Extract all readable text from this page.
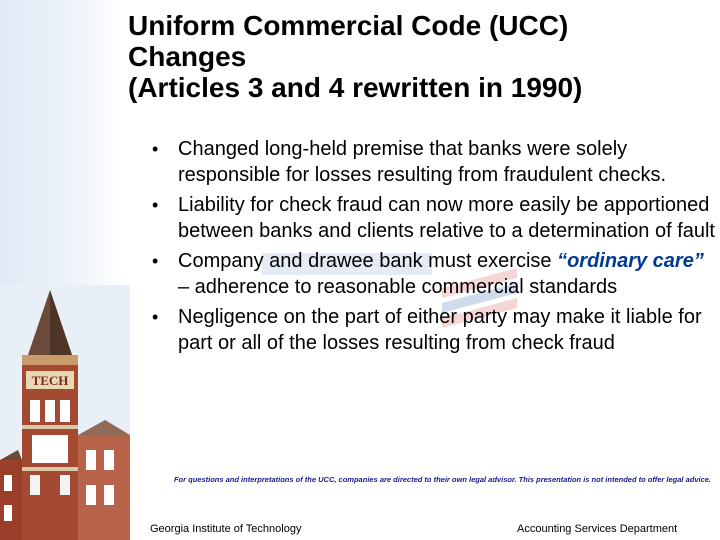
TECH
Uniform Commercial Code (UCC)
Changes
(Articles 3 and 4 rewritten in 1990)
• Changed long-held premise that banks were solely responsible for losses resulting from fraudulent checks.
• Liability for check fraud can now more easily be apportioned between banks and clients relative to a determination of fault
• Company and drawee bank must exercise “ordinary care” – adherence to reasonable commercial standards
• Negligence on the part of either party may make it liable for part or all of the losses resulting from check fraud
For questions and interpretations of the UCC, companies are directed to their own legal advisor. This presentation is not intended to offer legal advice.
Georgia Institute of Technology	Accounting Services Department
